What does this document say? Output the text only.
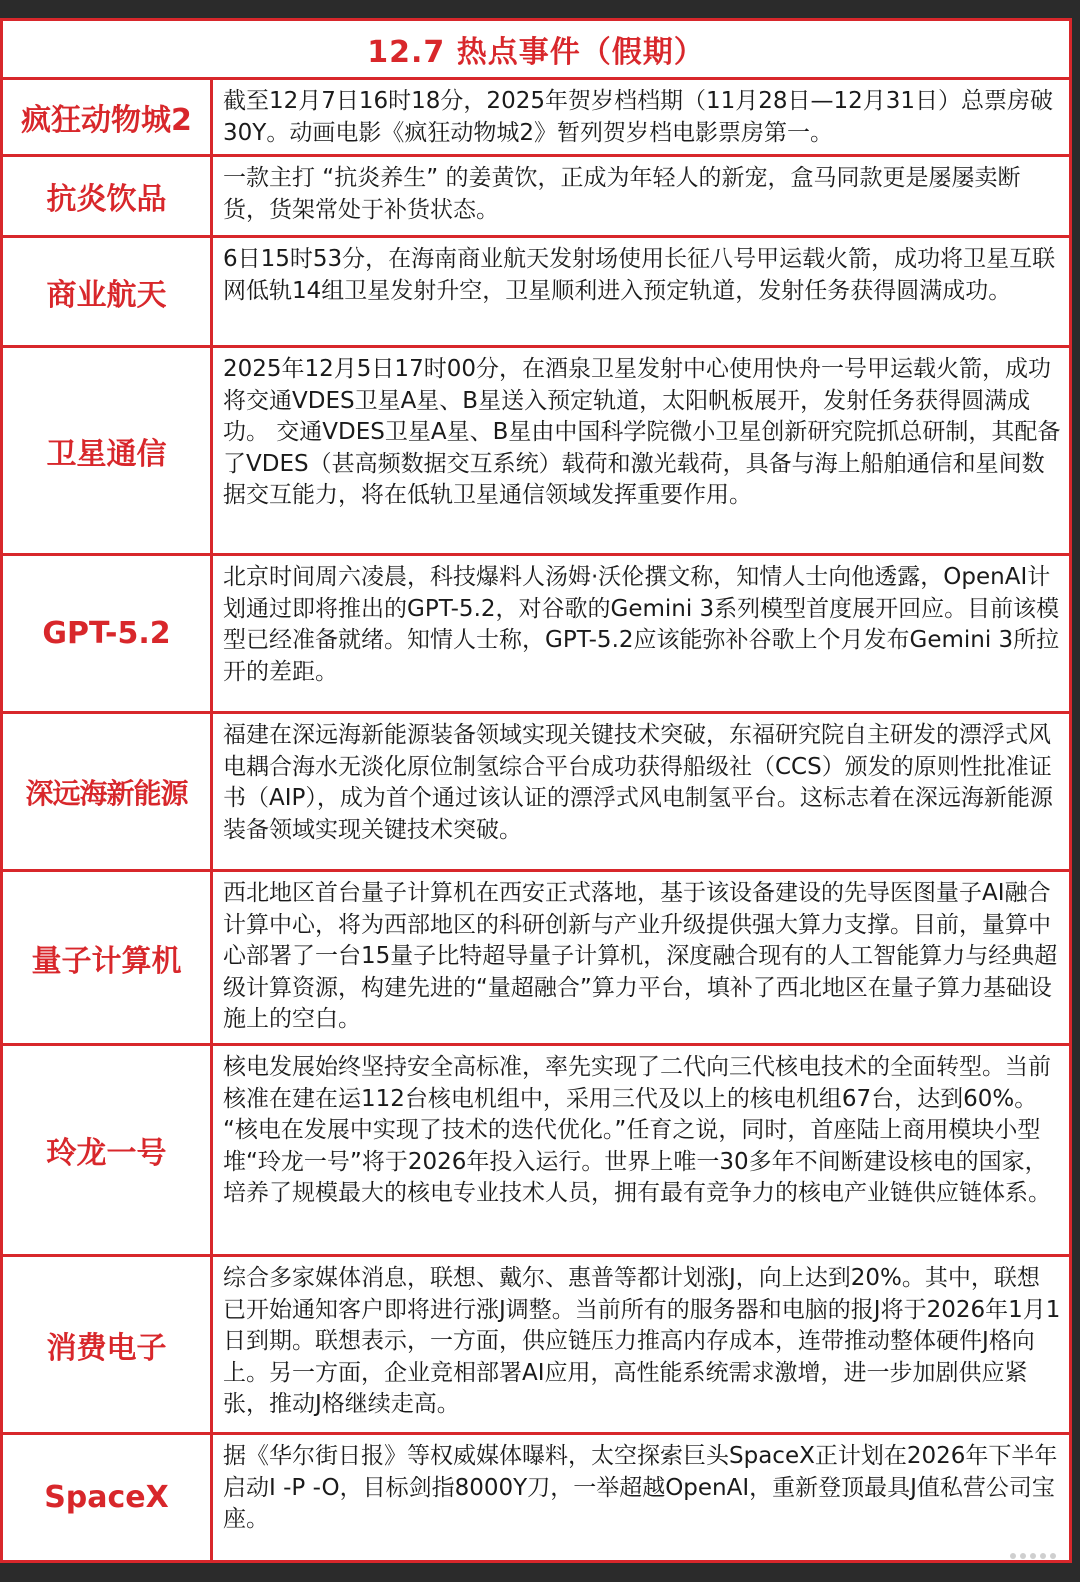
12.7 热点事件（假期）
疯狂动物城2
截至12月7日16时18分，2025年贺岁档档期（11月28日—12月31日）总票房破30Y。动画电影《疯狂动物城2》暂列贺岁档电影票房第一。
抗炎饮品
一款主打 “抗炎养生” 的姜黄饮，正成为年轻人的新宠，盒马同款更是屡屡卖断货，货架常处于补货状态。
商业航天
6日15时53分，在海南商业航天发射场使用长征八号甲运载火箭，成功将卫星互联网低轨14组卫星发射升空，卫星顺利进入预定轨道，发射任务获得圆满成功。
卫星通信
2025年12月5日17时00分，在酒泉卫星发射中心使用快舟一号甲运载火箭，成功将交通VDES卫星A星、B星送入预定轨道，太阳帆板展开，发射任务获得圆满成功。 交通VDES卫星A星、B星由中国科学院微小卫星创新研究院抓总研制，其配备了VDES（甚高频数据交互系统）载荷和激光载荷，具备与海上船舶通信和星间数据交互能力，将在低轨卫星通信领域发挥重要作用。
GPT-5.2
北京时间周六凌晨，科技爆料人汤姆·沃伦撰文称，知情人士向他透露，OpenAI计划通过即将推出的GPT-5.2，对谷歌的Gemini 3系列模型首度展开回应。目前该模型已经准备就绪。知情人士称，GPT-5.2应该能弥补谷歌上个月发布Gemini 3所拉开的差距。
深远海新能源
福建在深远海新能源装备领域实现关键技术突破，东福研究院自主研发的漂浮式风电耦合海水无淡化原位制氢综合平台成功获得船级社（CCS）颁发的原则性批准证书（AIP），成为首个通过该认证的漂浮式风电制氢平台。这标志着在深远海新能源装备领域实现关键技术突破。
量子计算机
西北地区首台量子计算机在西安正式落地，基于该设备建设的先导医图量子AI融合计算中心，将为西部地区的科研创新与产业升级提供强大算力支撑。目前，量算中心部署了一台15量子比特超导量子计算机，深度融合现有的人工智能算力与经典超级计算资源，构建先进的“量超融合”算力平台，填补了西北地区在量子算力基础设施上的空白。
玲龙一号
核电发展始终坚持安全高标准，率先实现了二代向三代核电技术的全面转型。当前核准在建在运112台核电机组中，采用三代及以上的核电机组67台，达到60%。 “核电在发展中实现了技术的迭代优化。”任育之说，同时，首座陆上商用模块小型堆“玲龙一号”将于2026年投入运行。世界上唯一30多年不间断建设核电的国家，培养了规模最大的核电专业技术人员，拥有最有竞争力的核电产业链供应链体系。
消费电子
综合多家媒体消息，联想、戴尔、惠普等都计划涨J，向上达到20%。其中，联想已开始通知客户即将进行涨J调整。当前所有的服务器和电脑的报J将于2026年1月1日到期。联想表示，一方面，供应链压力推高内存成本，连带推动整体硬件J格向上。另一方面，企业竞相部署AI应用，高性能系统需求激增，进一步加剧供应紧张，推动J格继续走高。
SpaceX
据《华尔街日报》等权威媒体曝料，太空探索巨头SpaceX正计划在2026年下半年启动I -P -O，目标剑指8000Y刀，一举超越OpenAI，重新登顶最具J值私营公司宝座。
